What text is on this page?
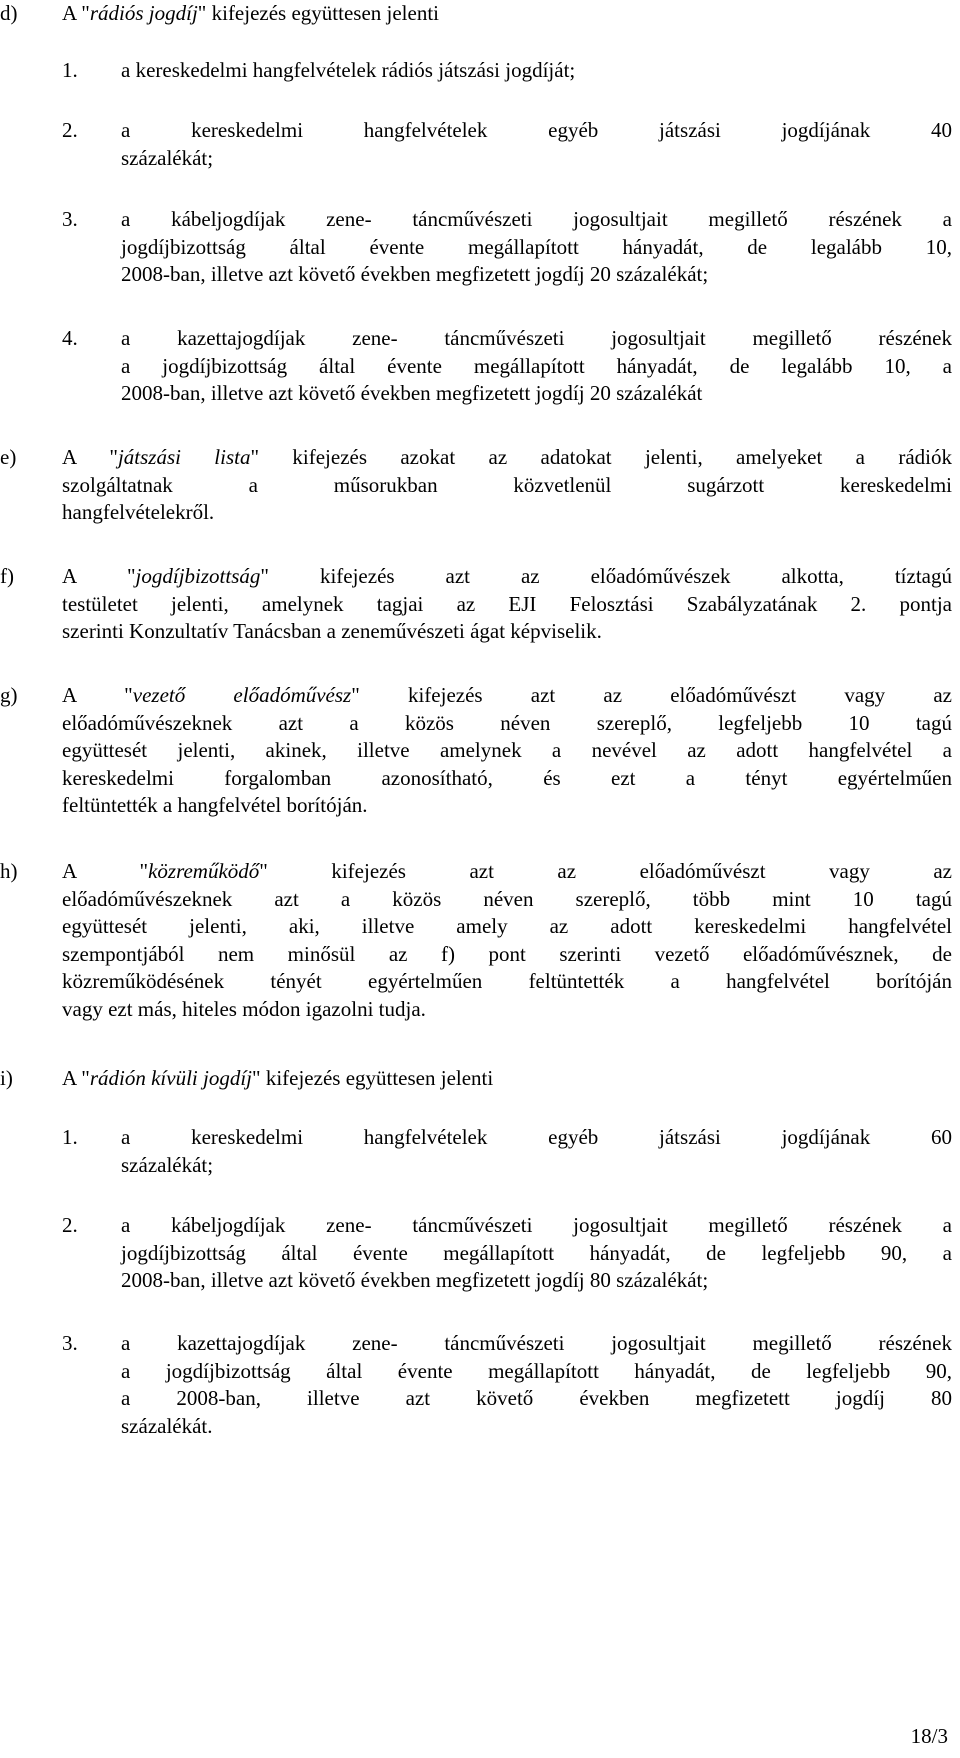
d) A "rádiós jogdíj" kifejezés együttesen jelenti
1. a kereskedelmi hangfelvételek rádiós játszási jogdíját;
2. a kereskedelmi hangfelvételek egyéb játszási jogdíjának 40
százalékát;
3. a kábeljogdíjak zene- táncművészeti jogosultjait megillető részének a
jogdíjbizottság által évente megállapított hányadát, de legalább 10,
2008-ban, illetve azt követő években megfizetett jogdíj 20 százalékát;
4. a kazettajogdíjak zene- táncművészeti jogosultjait megillető részének
a jogdíjbizottság által évente megállapított hányadát, de legalább 10, a
2008-ban, illetve azt követő években megfizetett jogdíj 20 százalékát
e) A "játszási lista" kifejezés azokat az adatokat jelenti, amelyeket a rádiók
szolgáltatnak a műsorukban közvetlenül sugárzott kereskedelmi
hangfelvételekről.
f) A "jogdíjbizottság" kifejezés azt az előadóművészek alkotta, tíztagú
testületet jelenti, amelynek tagjai az EJI Felosztási Szabályzatának 2. pontja
szerinti Konzultatív Tanácsban a zeneművészeti ágat képviselik.
g) A "vezető előadóművész" kifejezés azt az előadóművészt vagy az
előadóművészeknek azt a közös néven szereplő, legfeljebb 10 tagú
együttesét jelenti, akinek, illetve amelynek a nevével az adott hangfelvétel a
kereskedelmi forgalomban azonosítható, és ezt a tényt egyértelműen
feltüntették a hangfelvétel borítóján.
h) A "közreműködő" kifejezés azt az előadóművészt vagy az
előadóművészeknek azt a közös néven szereplő, több mint 10 tagú
együttesét jelenti, aki, illetve amely az adott kereskedelmi hangfelvétel
szempontjából nem minősül az f) pont szerinti vezető előadóművésznek, de
közreműködésének tényét egyértelműen feltüntették a hangfelvétel borítóján
vagy ezt más, hiteles módon igazolni tudja.
i) A "rádión kívüli jogdíj" kifejezés együttesen jelenti
1. a kereskedelmi hangfelvételek egyéb játszási jogdíjának 60
százalékát;
2. a kábeljogdíjak zene- táncművészeti jogosultjait megillető részének a
jogdíjbizottság által évente megállapított hányadát, de legfeljebb 90, a
2008-ban, illetve azt követő években megfizetett jogdíj 80 százalékát;
3. a kazettajogdíjak zene- táncművészeti jogosultjait megillető részének
a jogdíjbizottság által évente megállapított hányadát, de legfeljebb 90,
a 2008-ban, illetve azt követő években megfizetett jogdíj 80
százalékát.
18/3
